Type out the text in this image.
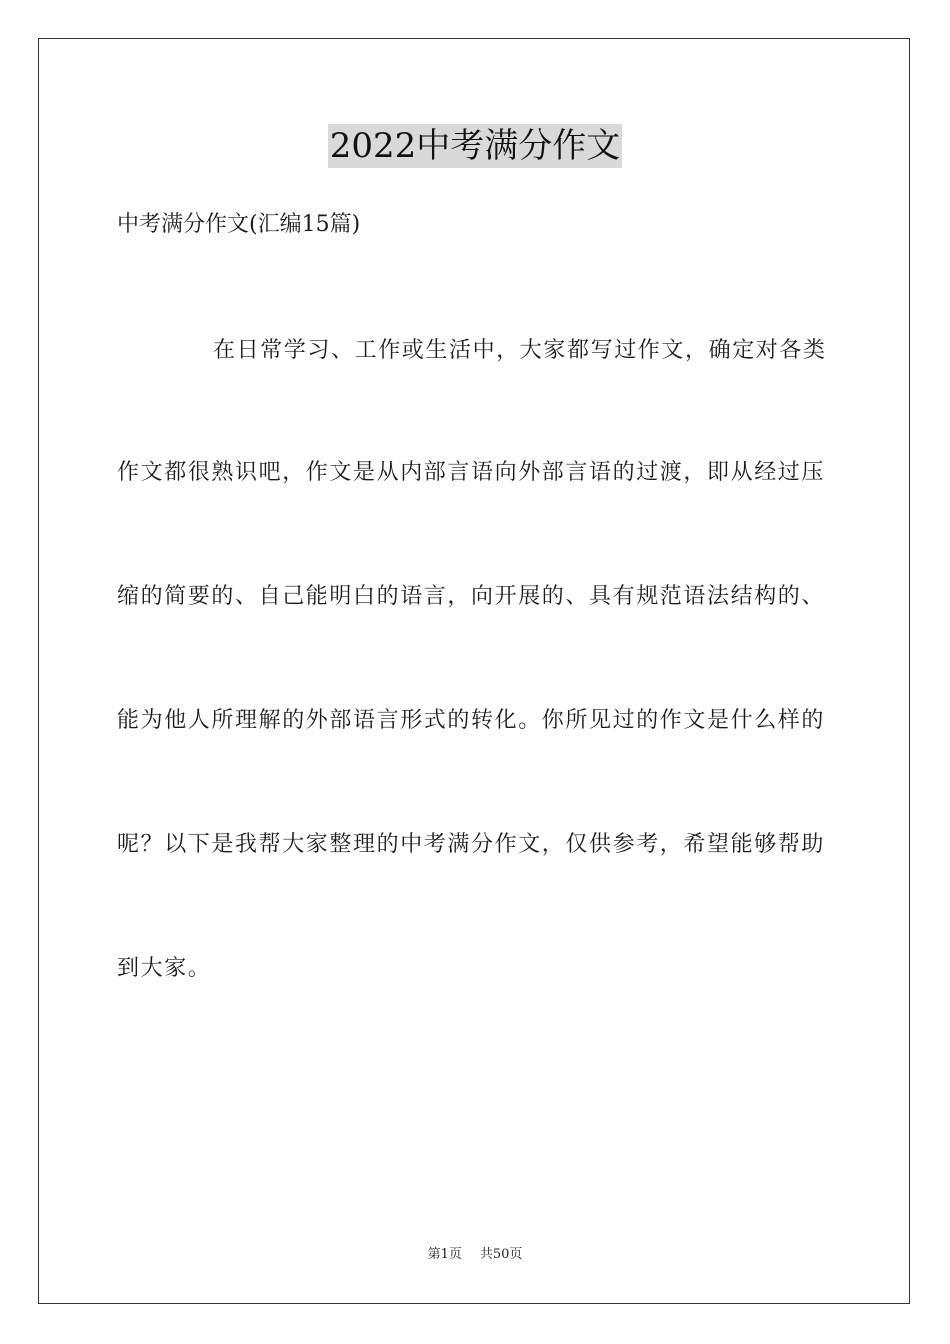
2022中考满分作文
中考满分作文(汇编15篇)
在日常学习、工作或生活中，大家都写过作文，确定对各类
作文都很熟识吧，作文是从内部言语向外部言语的过渡，即从经过压
缩的简要的、自己能明白的语言，向开展的、具有规范语法结构的、
能为他人所理解的外部语言形式的转化。你所见过的作文是什么样的
呢？以下是我帮大家整理的中考满分作文，仅供参考，希望能够帮助
到大家。
第1页 共50页
